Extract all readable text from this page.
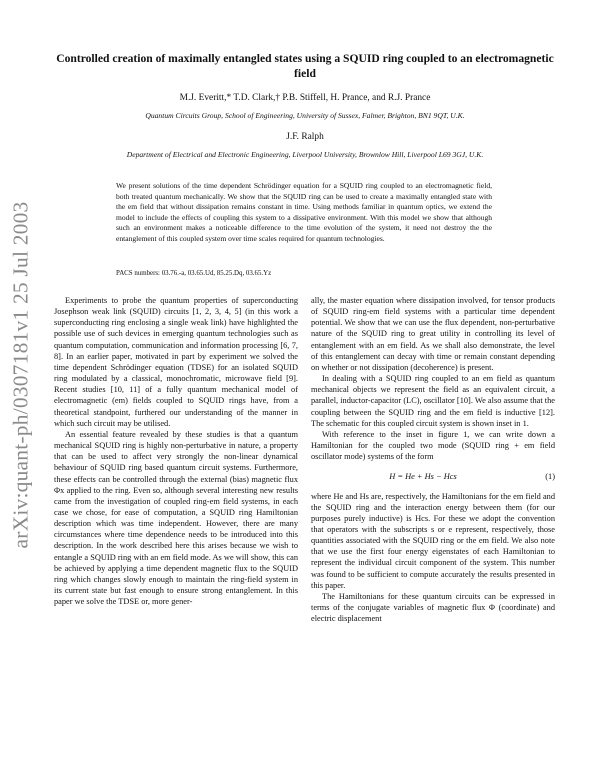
arXiv:quant-ph/0307181v1 25 Jul 2003
Controlled creation of maximally entangled states using a SQUID ring coupled to an electromagnetic field
M.J. Everitt,* T.D. Clark,† P.B. Stiffell, H. Prance, and R.J. Prance
Quantum Circuits Group, School of Engineering, University of Sussex, Falmer, Brighton, BN1 9QT, U.K.
J.F. Ralph
Department of Electrical and Electronic Engineering, Liverpool University, Brownlow Hill, Liverpool L69 3GJ, U.K.
We present solutions of the time dependent Schrödinger equation for a SQUID ring coupled to an electromagnetic field, both treated quantum mechanically. We show that the SQUID ring can be used to create a maximally entangled state with the em field that without dissipation remains constant in time. Using methods familiar in quantum optics, we extend the model to include the effects of coupling this system to a dissipative environment. With this model we show that although such an environment makes a noticeable difference to the time evolution of the system, it need not destroy the the entanglement of this coupled system over time scales required for quantum technologies.
PACS numbers: 03.76.-a, 03.65.Ud, 85.25.Dq, 03.65.Yz

Experiments to probe the quantum properties of superconducting Josephson weak link (SQUID) circuits [1, 2, 3, 4, 5] (in this work a superconducting ring enclosing a single weak link) have highlighted the possible use of such devices in emerging quantum technologies such as quantum computation, communication and information processing [6, 7, 8]. In an earlier paper, motivated in part by experiment we solved the time dependent Schrödinger equation (TDSE) for an isolated SQUID ring modulated by a classical, monochromatic, microwave field [9]. Recent studies [10, 11] of a fully quantum mechanical model of electromagnetic (em) fields coupled to SQUID rings have, from a theoretical standpoint, furthered our understanding of the manner in which such circuit may be utilised.

An essential feature revealed by these studies is that a quantum mechanical SQUID ring is highly non-perturbative in nature, a property that can be used to affect very strongly the non-linear dynamical behaviour of SQUID ring based quantum circuit systems. Furthermore, these effects can be controlled through the external (bias) magnetic flux Φx applied to the ring. Even so, although several interesting new results came from the investigation of coupled ring-em field systems, in each case we chose, for ease of computation, a SQUID ring Hamiltonian description which was time independent. However, there are many circumstances where time dependence needs to be introduced into this description. In the work described here this arises because we wish to entangle a SQUID ring with an em field mode. As we will show, this can be achieved by applying a time dependent magnetic flux to the SQUID ring which changes slowly enough to maintain the ring-field system in its current state but fast enough to ensure strong entanglement. In this paper we solve the TDSE or, more gener-

ally, the master equation where dissipation involved, for tensor products of SQUID ring-em field systems with a particular time dependent potential. We show that we can use the flux dependent, non-perturbative nature of the SQUID ring to great utility in controlling its level of entanglement with an em field. As we shall also demonstrate, the level of this entanglement can decay with time or remain constant depending on whether or not dissipation (decoherence) is present.

In dealing with a SQUID ring coupled to an em field as quantum mechanical objects we represent the field as an equivalent circuit, a parallel, inductor-capacitor (LC), oscillator [10]. We also assume that the coupling between the SQUID ring and the em field is inductive [12]. The schematic for this coupled circuit system is shown inset in 1.

With reference to the inset in figure 1, we can write down a Hamiltonian for the coupled two mode (SQUID ring + em field oscillator mode) systems of the form

H = He + Hs − Hcs	(1)

where He and Hs are, respectively, the Hamiltonians for the em field and the SQUID ring and the interaction energy between them (for our purposes purely inductive) is Hcs. For these we adopt the convention that operators with the subscripts s or e represent, respectively, those quantities associated with the SQUID ring or the em field. We also note that we use the first four energy eigenstates of each Hamiltonian to represent the individual circuit component of the system. This number was found to be sufficient to compute accurately the results presented in this paper.

The Hamiltonians for these quantum circuits can be expressed in terms of the conjugate variables of magnetic flux Φ (coordinate) and electric displacement
